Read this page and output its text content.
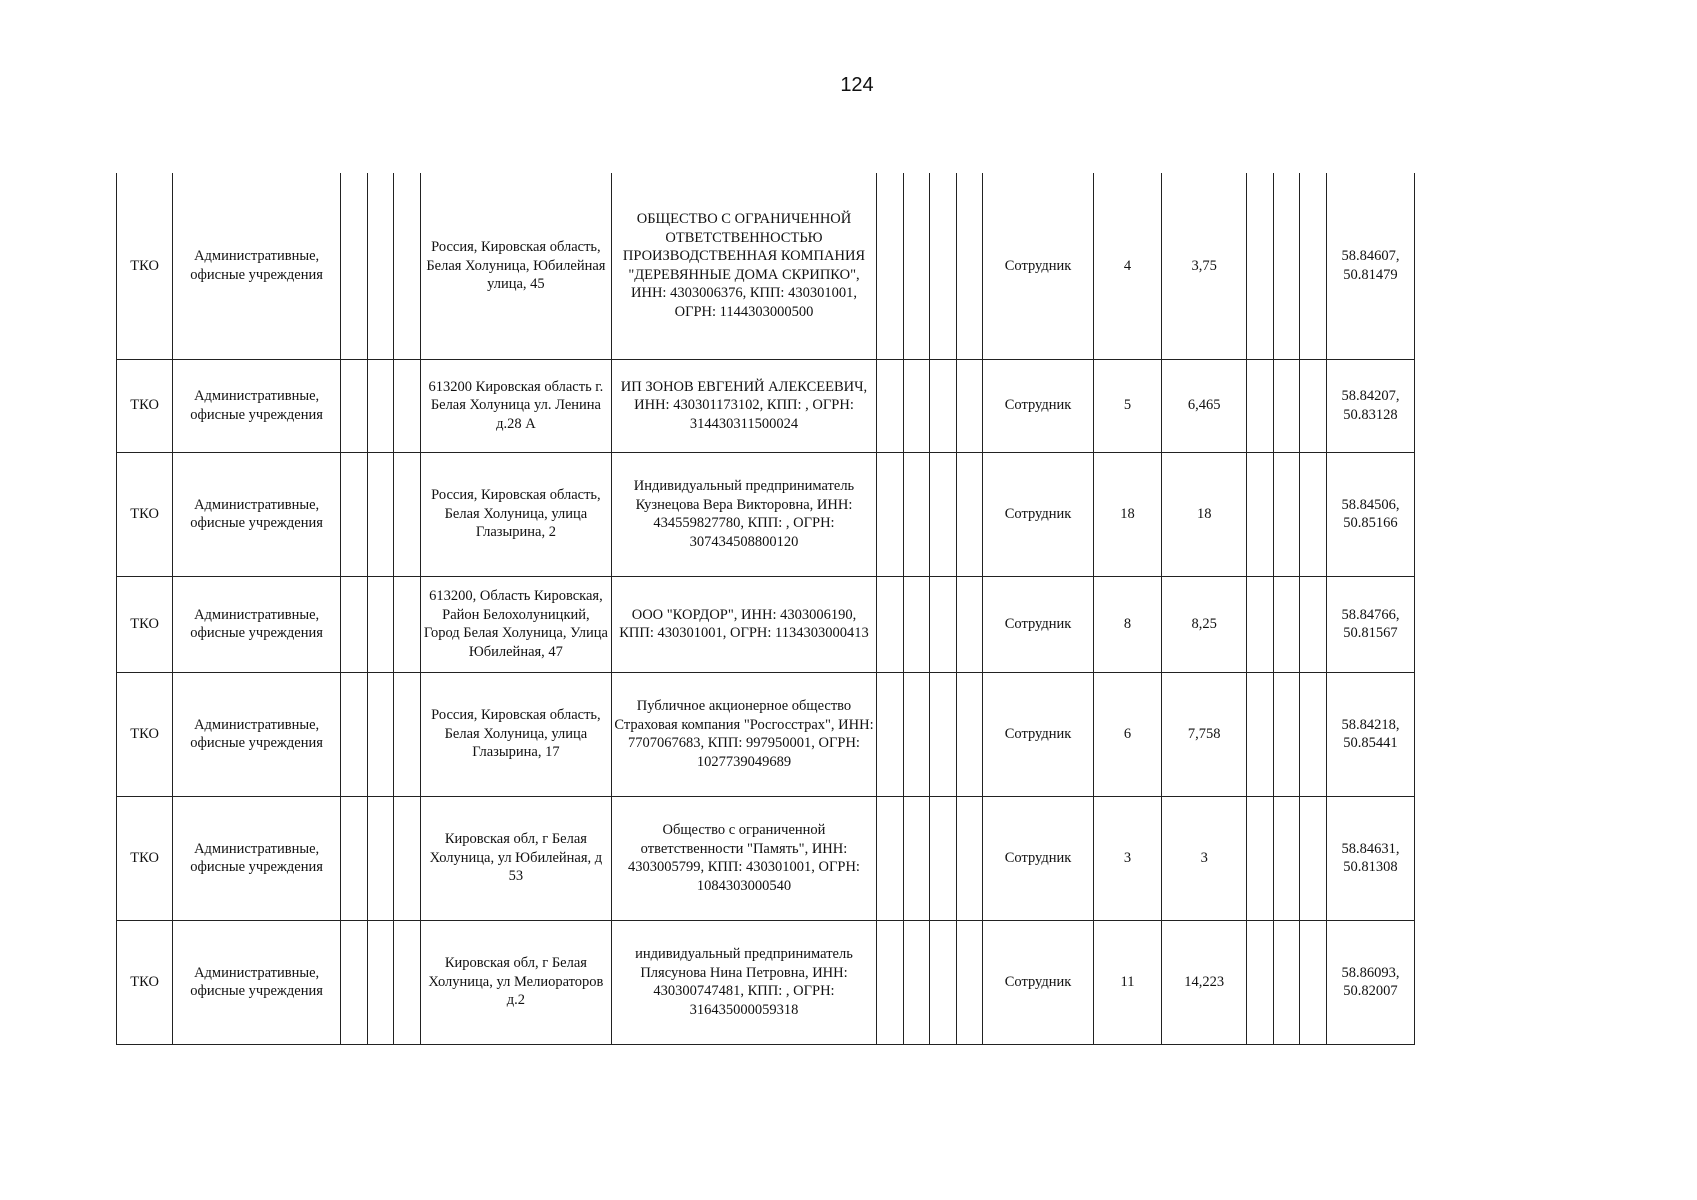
124
ТКО	Административные, офисные учреждения				Россия, Кировская область, Белая Холуница, Юбилейная улица, 45	ОБЩЕСТВО С ОГРАНИЧЕННОЙ ОТВЕТСТВЕННОСТЬЮ ПРОИЗВОДСТВЕННАЯ КОМПАНИЯ "ДЕРЕВЯННЫЕ ДОМА СКРИПКО", ИНН: 4303006376, КПП: 430301001, ОГРН: 1144303000500					Сотрудник	4	3,75				58.84607,
50.81479

ТКО	Административные, офисные учреждения				613200 Кировская область г. Белая Холуница ул. Ленина д.28 А	ИП ЗОНОВ ЕВГЕНИЙ АЛЕКСЕЕВИЧ, ИНН: 430301173102, КПП: , ОГРН: 314430311500024					Сотрудник	5	6,465				58.84207,
50.83128

ТКО	Административные, офисные учреждения				Россия, Кировская область, Белая Холуница, улица Глазырина, 2	Индивидуальный предприниматель Кузнецова Вера Викторовна, ИНН: 434559827780, КПП: , ОГРН: 307434508800120					Сотрудник	18	18				58.84506,
50.85166

ТКО	Административные, офисные учреждения				613200, Область Кировская, Район Белохолуницкий, Город Белая Холуница, Улица Юбилейная, 47	ООО "КОРДОР", ИНН: 4303006190, КПП: 430301001, ОГРН: 1134303000413					Сотрудник	8	8,25				58.84766,
50.81567

ТКО	Административные, офисные учреждения				Россия, Кировская область, Белая Холуница, улица Глазырина, 17	Публичное акционерное общество Страховая компания "Росгосстрах", ИНН: 7707067683, КПП: 997950001, ОГРН: 1027739049689					Сотрудник	6	7,758				58.84218,
50.85441

ТКО	Административные, офисные учреждения				Кировская обл, г Белая Холуница, ул Юбилейная, д 53	Общество с ограниченной ответственности "Память", ИНН: 4303005799, КПП: 430301001, ОГРН: 1084303000540					Сотрудник	3	3				58.84631,
50.81308

ТКО	Административные, офисные учреждения				Кировская обл, г Белая Холуница, ул Мелиораторов д.2	индивидуальный предприниматель Плясунова Нина Петровна, ИНН: 430300747481, КПП: , ОГРН: 316435000059318					Сотрудник	11	14,223				58.86093,
50.82007
